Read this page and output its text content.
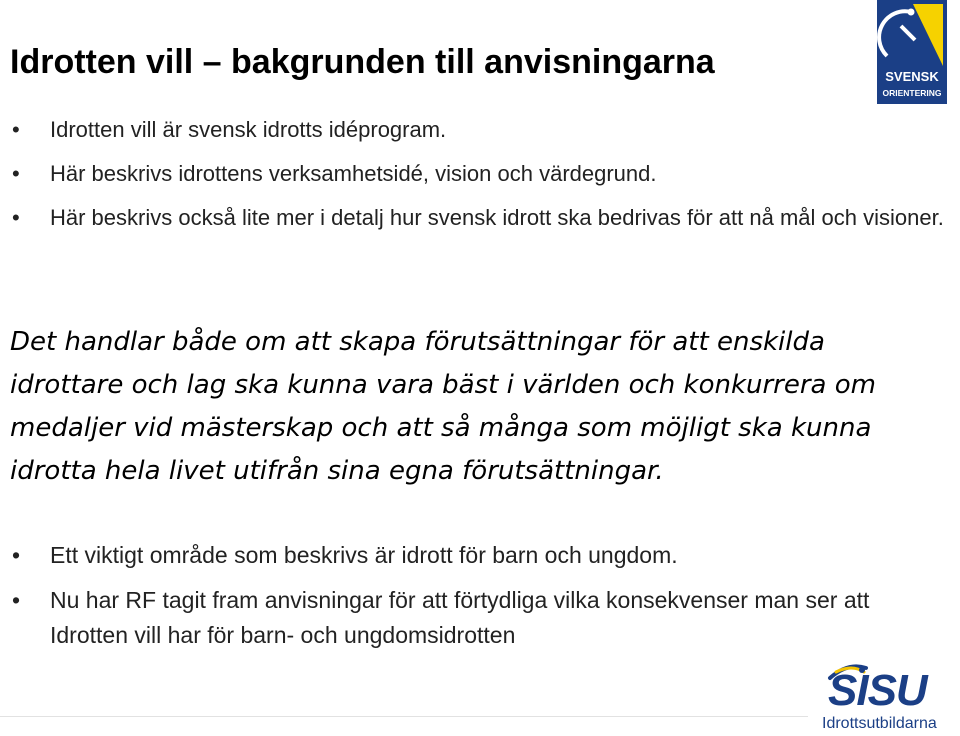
Idrotten vill – bakgrunden till anvisningarna
• Idrotten vill är svensk idrotts idéprogram.
• Här beskrivs idrottens verksamhetsidé, vision och värdegrund.
• Här beskrivs också lite mer i detalj hur svensk idrott ska bedrivas för att nå mål och visioner.

Det handlar både om att skapa förutsättningar för att enskilda idrottare och lag ska kunna vara bäst i världen och konkurrera om medaljer vid mästerskap och att så många som möjligt ska kunna idrotta hela livet utifrån sina egna förutsättningar.

• Ett viktigt område som beskrivs är idrott för barn och ungdom.
• Nu har RF tagit fram anvisningar för att förtydliga vilka konsekvenser man ser att Idrotten vill har för barn- och ungdomsidrotten
SVENSK
ORIENTERING
SISU
Idrottsutbildarna
